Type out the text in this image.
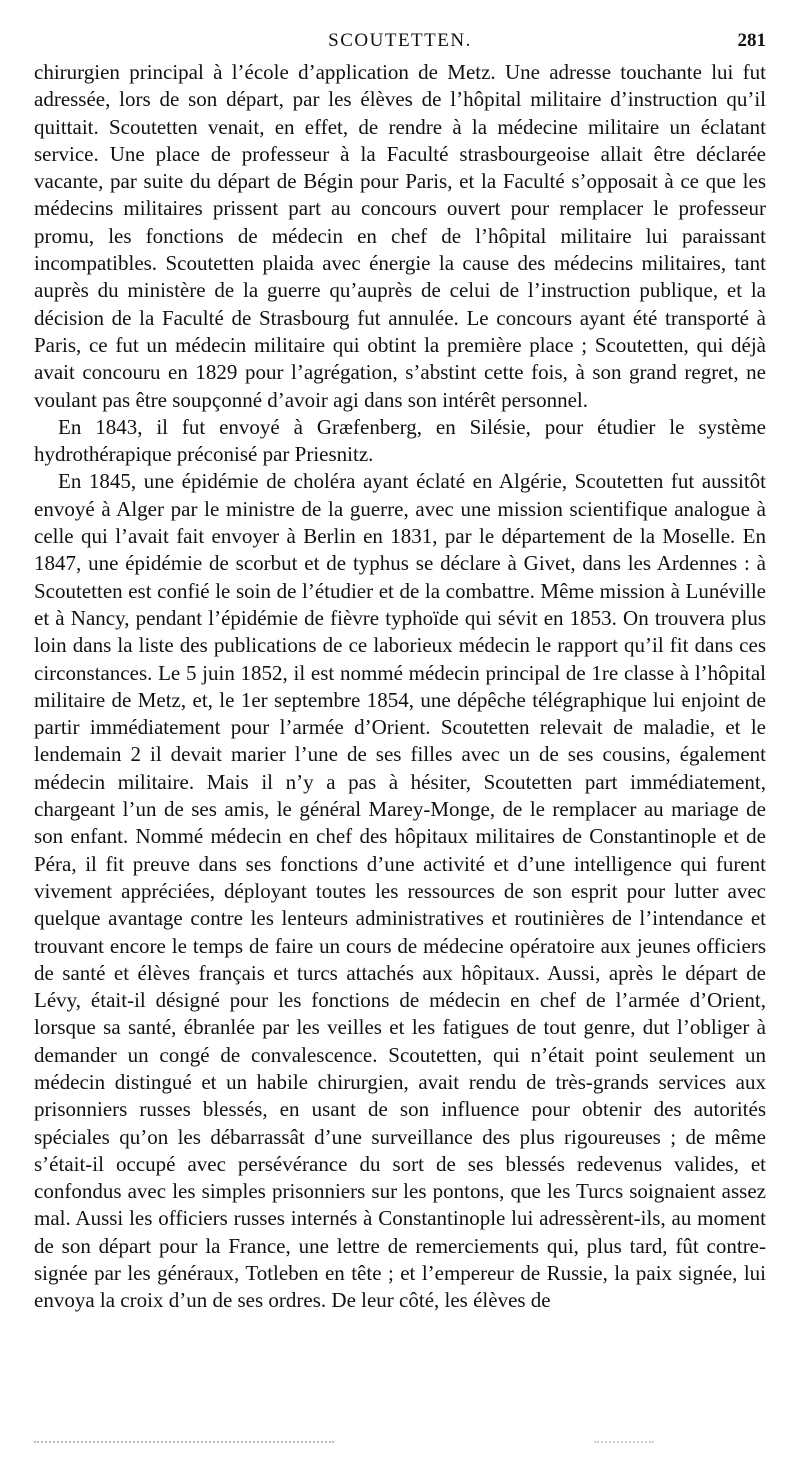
SCOUTETTEN.	281

chirurgien principal à l’école d’application de Metz. Une adresse touchante lui fut adressée, lors de son départ, par les élèves de l’hôpital militaire d’instruction qu’il quittait. Scoutetten venait, en effet, de rendre à la médecine militaire un éclatant service. Une place de professeur à la Faculté strasbourgeoise allait être déclarée vacante, par suite du départ de Bégin pour Paris, et la Faculté s’opposait à ce que les médecins militaires prissent part au concours ouvert pour remplacer le professeur promu, les fonctions de médecin en chef de l’hôpital militaire lui paraissant incompatibles. Scoutetten plaida avec énergie la cause des médecins militaires, tant auprès du ministère de la guerre qu’auprès de celui de l’instruction publique, et la décision de la Faculté de Strasbourg fut annulée. Le concours ayant été transporté à Paris, ce fut un médecin militaire qui obtint la première place ; Scoutetten, qui déjà avait concouru en 1829 pour l’agrégation, s’abstint cette fois, à son grand regret, ne voulant pas être soupçonné d’avoir agi dans son intérêt personnel.

En 1843, il fut envoyé à Græfenberg, en Silésie, pour étudier le système hydrothérapique préconisé par Priesnitz.

En 1845, une épidémie de choléra ayant éclaté en Algérie, Scoutetten fut aussitôt envoyé à Alger par le ministre de la guerre, avec une mission scientifique analogue à celle qui l’avait fait envoyer à Berlin en 1831, par le département de la Moselle. En 1847, une épidémie de scorbut et de typhus se déclare à Givet, dans les Ardennes : à Scoutetten est confié le soin de l’étudier et de la combattre. Même mission à Lunéville et à Nancy, pendant l’épidémie de fièvre typhoïde qui sévit en 1853. On trouvera plus loin dans la liste des publications de ce laborieux médecin le rapport qu’il fit dans ces circonstances. Le 5 juin 1852, il est nommé médecin principal de 1re classe à l’hôpital militaire de Metz, et, le 1er septembre 1854, une dépêche télégraphique lui enjoint de partir immédiatement pour l’armée d’Orient. Scoutetten relevait de maladie, et le lendemain 2 il devait marier l’une de ses filles avec un de ses cousins, également médecin militaire. Mais il n’y a pas à hésiter, Scoutetten part immédiatement, chargeant l’un de ses amis, le général Marey-Monge, de le remplacer au mariage de son enfant. Nommé médecin en chef des hôpitaux militaires de Constantinople et de Péra, il fit preuve dans ses fonctions d’une activité et d’une intelligence qui furent vivement appréciées, déployant toutes les ressources de son esprit pour lutter avec quelque avantage contre les lenteurs administratives et routinières de l’intendance et trouvant encore le temps de faire un cours de médecine opératoire aux jeunes officiers de santé et élèves français et turcs attachés aux hôpitaux. Aussi, après le départ de Lévy, était-il désigné pour les fonctions de médecin en chef de l’armée d’Orient, lorsque sa santé, ébranlée par les veilles et les fatigues de tout genre, dut l’obliger à demander un congé de convalescence. Scoutetten, qui n’était point seulement un médecin distingué et un habile chirurgien, avait rendu de très-grands services aux prisonniers russes blessés, en usant de son influence pour obtenir des autorités spéciales qu’on les débarrassât d’une surveillance des plus rigoureuses ; de même s’était-il occupé avec persévérance du sort de ses blessés redevenus valides, et confondus avec les simples prisonniers sur les pontons, que les Turcs soignaient assez mal. Aussi les officiers russes internés à Constantinople lui adressèrent-ils, au moment de son départ pour la France, une lettre de remerciements qui, plus tard, fût contre-signée par les généraux, Totleben en tête ; et l’empereur de Russie, la paix signée, lui envoya la croix d’un de ses ordres. De leur côté, les élèves de
